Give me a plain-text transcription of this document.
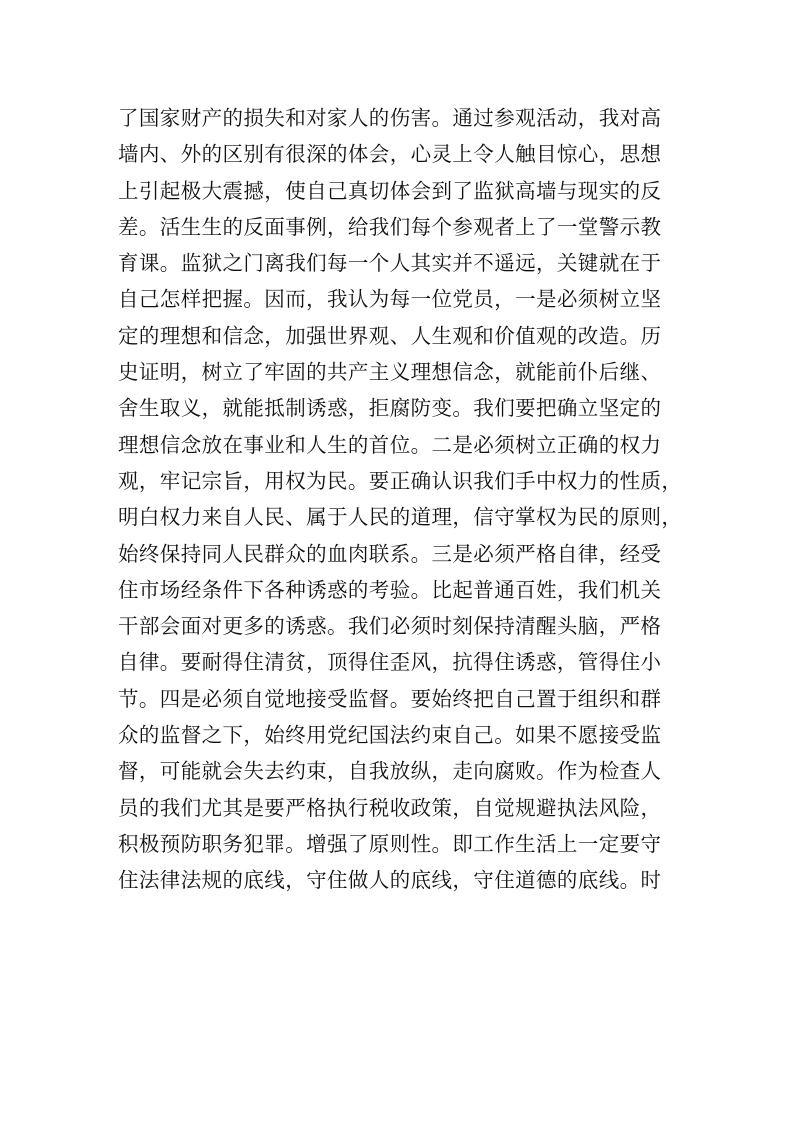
了国家财产的损失和对家人的伤害。通过参观活动，我对高
墙内、外的区别有很深的体会，心灵上令人触目惊心，思想
上引起极大震撼，使自己真切体会到了监狱高墙与现实的反
差。活生生的反面事例，给我们每个参观者上了一堂警示教
育课。监狱之门离我们每一个人其实并不遥远，关键就在于
自己怎样把握。因而，我认为每一位党员，一是必须树立坚
定的理想和信念，加强世界观、人生观和价值观的改造。历
史证明，树立了牢固的共产主义理想信念，就能前仆后继、
舍生取义，就能抵制诱惑，拒腐防变。我们要把确立坚定的
理想信念放在事业和人生的首位。二是必须树立正确的权力
观，牢记宗旨，用权为民。要正确认识我们手中权力的性质，
明白权力来自人民、属于人民的道理，信守掌权为民的原则，
始终保持同人民群众的血肉联系。三是必须严格自律，经受
住市场经条件下各种诱惑的考验。比起普通百姓，我们机关
干部会面对更多的诱惑。我们必须时刻保持清醒头脑，严格
自律。要耐得住清贫，顶得住歪风，抗得住诱惑，管得住小
节。四是必须自觉地接受监督。要始终把自己置于组织和群
众的监督之下，始终用党纪国法约束自己。如果不愿接受监
督，可能就会失去约束，自我放纵，走向腐败。作为检查人
员的我们尤其是要严格执行税收政策，自觉规避执法风险，
积极预防职务犯罪。增强了原则性。即工作生活上一定要守
住法律法规的底线，守住做人的底线，守住道德的底线。时
